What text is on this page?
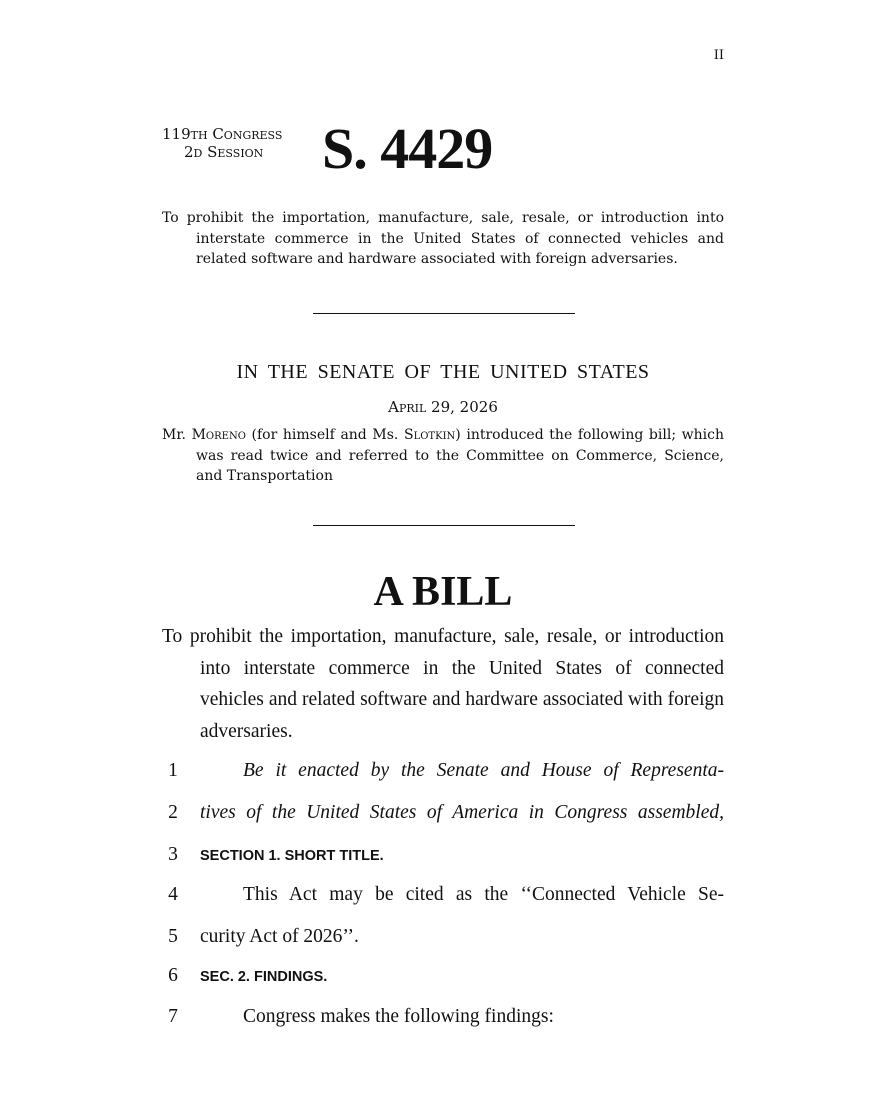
II
119th Congress
2d Session	S. 4429
To prohibit the importation, manufacture, sale, resale, or introduction into interstate commerce in the United States of connected vehicles and related software and hardware associated with foreign adversaries.
IN THE SENATE OF THE UNITED STATES
April 29, 2026
Mr. Moreno (for himself and Ms. Slotkin) introduced the following bill; which was read twice and referred to the Committee on Commerce, Science, and Transportation
A BILL
To prohibit the importation, manufacture, sale, resale, or introduction into interstate commerce in the United States of connected vehicles and related software and hardware associated with foreign adversaries.
1	Be it enacted by the Senate and House of Representa-
2	tives of the United States of America in Congress assembled,
3	SECTION 1. SHORT TITLE.
4	This Act may be cited as the ‘‘Connected Vehicle Se-
5	curity Act of 2026’’.
6	SEC. 2. FINDINGS.
7	Congress makes the following findings:
